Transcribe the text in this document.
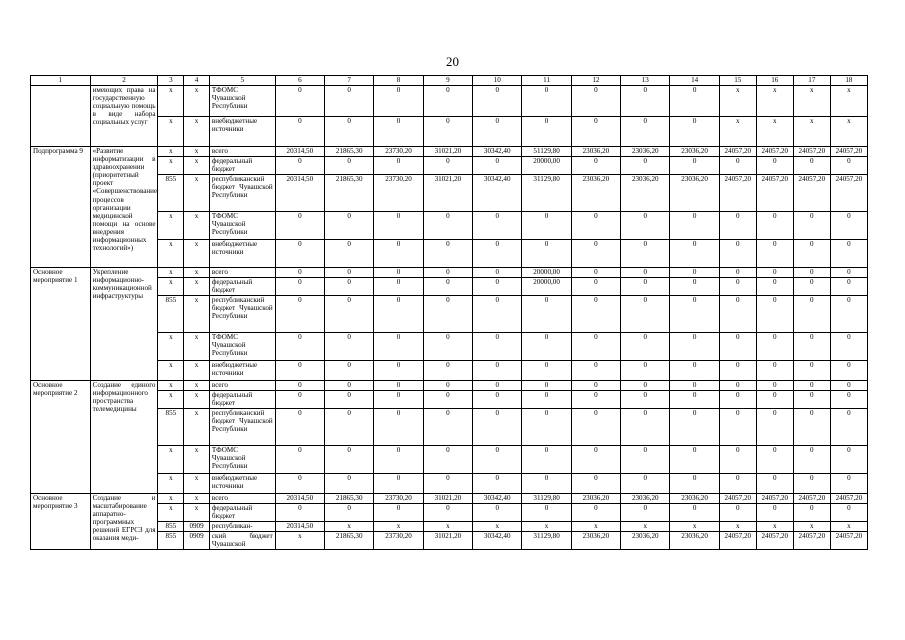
20
1	2	3	4	5	6	7	8	9	10	11	12	13	14	15	16	17	18
	имеющих права на государственную социальную помощь в виде набора социальных услуг	x	x	ТФОМС Чувашской Республики	0	0	0	0	0	0	0	0	0	x	x	x	x
		x	x	внебюджетные источники	0	0	0	0	0	0	0	0	0	x	x	x	x
Подпрограмма 9	«Развитие информатизации в здравоохранении (приоритетный проект «Совершенствование процессов организации медицинской помощи на основе внедрения информационных технологий»)	x	x	всего	20314,50	21865,30	23730,20	31021,20	30342,40	51129,80	23036,20	23036,20	23036,20	24057,20	24057,20	24057,20	24057,20
		x	x	федеральный бюджет	0	0	0	0	0	20000,00	0	0	0	0	0	0	0
		855	x	республиканский бюджет Чувашской Республики	20314,50	21865,30	23730,20	31021,20	30342,40	31129,80	23036,20	23036,20	23036,20	24057,20	24057,20	24057,20	24057,20
		x	x	ТФОМС Чувашской Республики	0	0	0	0	0	0	0	0	0	0	0	0	0
		x	x	внебюджетные источники	0	0	0	0	0	0	0	0	0	0	0	0	0
Основное мероприятие 1	Укрепление информационно-коммуникационной инфраструктуры	x	x	всего	0	0	0	0	0	20000,00	0	0	0	0	0	0	0
		x	x	федеральный бюджет	0	0	0	0	0	20000,00	0	0	0	0	0	0	0
		855	x	республиканский бюджет Чувашской Республики	0	0	0	0	0	0	0	0	0	0	0	0	0
		x	x	ТФОМС Чувашской Республики	0	0	0	0	0	0	0	0	0	0	0	0	0
		x	x	внебюджетные источники	0	0	0	0	0	0	0	0	0	0	0	0	0
Основное мероприятие 2	Создание единого информационного пространства телемедицины	x	x	всего	0	0	0	0	0	0	0	0	0	0	0	0	0
		x	x	федеральный бюджет	0	0	0	0	0	0	0	0	0	0	0	0	0
		855	x	республиканский бюджет Чувашской Республики	0	0	0	0	0	0	0	0	0	0	0	0	0
		x	x	ТФОМС Чувашской Республики	0	0	0	0	0	0	0	0	0	0	0	0	0
		x	x	внебюджетные источники	0	0	0	0	0	0	0	0	0	0	0	0	0
Основное мероприятие 3	Создание и масштабирование аппаратно-программных решений ЕГРСЗ для оказания меди-	x	x	всего	20314,50	21865,30	23730,20	31021,20	30342,40	31129,80	23036,20	23036,20	23036,20	24057,20	24057,20	24057,20	24057,20
		x	x	федеральный бюджет	0	0	0	0	0	0	0	0	0	0	0	0	0
		855	0909	республикан-	20314,50	x	x	x	x	x	x	x	x	x	x	x	x
		855	0909	ский бюджет Чувашской	x	21865,30	23730,20	31021,20	30342,40	31129,80	23036,20	23036,20	23036,20	24057,20	24057,20	24057,20	24057,20
